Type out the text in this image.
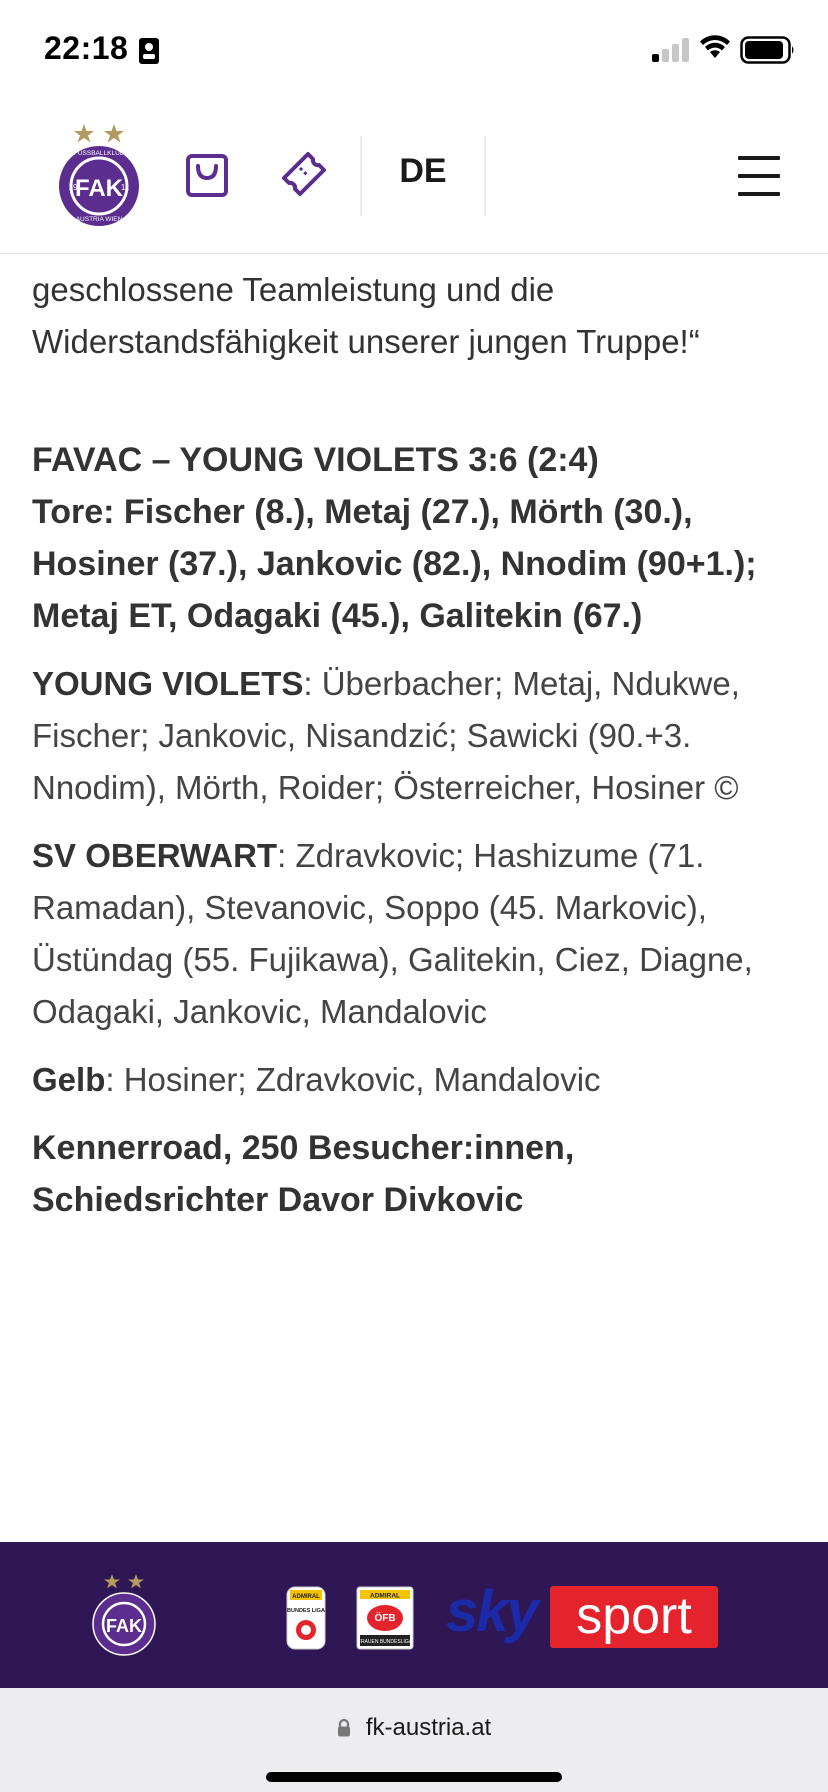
22:18
FAK
19	11
FUSSBALLKLUB
AUSTRIA WIEN
DE

geschlossene Teamleistung und die
Widerstandsfähigkeit unserer jungen Truppe!“

FAVAC – YOUNG VIOLETS 3:6 (2:4)
Tore: Fischer (8.), Metaj (27.), Mörth (30.), Hosiner (37.), Jankovic (82.), Nnodim (90+1.); Metaj ET, Odagaki (45.), Galitekin (67.)

YOUNG VIOLETS: Überbacher; Metaj, Ndukwe, Fischer; Jankovic, Nisandzić; Sawicki (90.+3. Nnodim), Mörth, Roider; Österreicher, Hosiner ©

SV OBERWART: Zdravkovic; Hashizume (71. Ramadan), Stevanovic, Soppo (45. Markovic), Üstündag (55. Fujikawa), Galitekin, Ciez, Diagne, Odagaki, Jankovic, Mandalovic

Gelb: Hosiner; Zdravkovic, Mandalovic

Kennerroad, 250 Besucher:innen, Schiedsrichter Davor Divkovic

FAK
ADMIRAL
BUNDES LIGA
ADMIRAL
ÖFB
FRAUEN BUNDESLIGA sky sport
fk-austria.at
